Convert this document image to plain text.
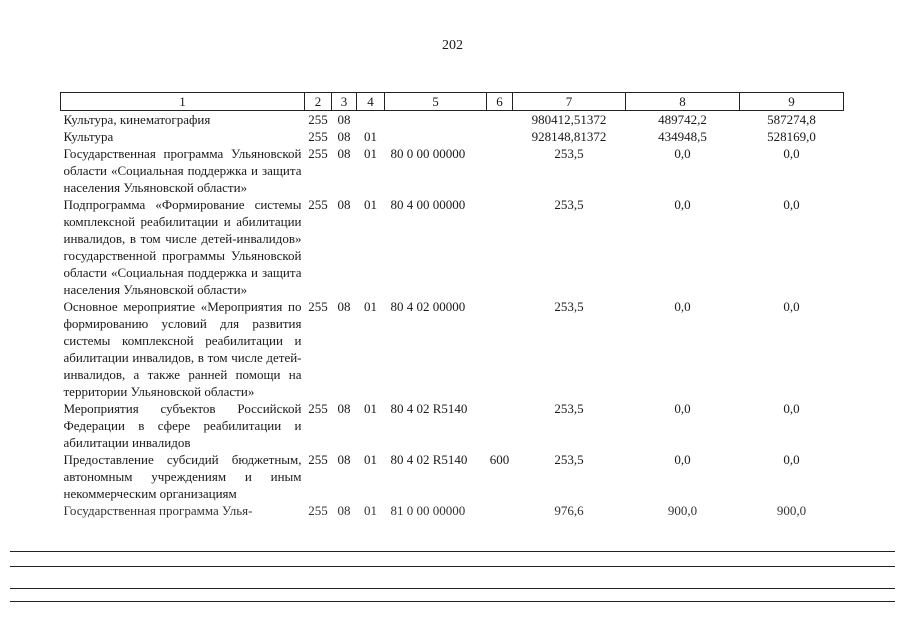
202
1	2	3	4	5	6	7	8	9
Культура, кинематография	255	08				980412,51372	489742,2	587274,8
Культура	255	08	01			928148,81372	434948,5	528169,0
Государственная программа Ульяновской области «Социальная поддержка и защита населения Ульяновской области»	255	08	01	80 0 00 00000		253,5	0,0	0,0
Подпрограмма «Формирование системы комплексной реабилитации и абилитации инвалидов, в том числе детей-инвалидов» государственной программы Ульяновской области «Социальная поддержка и защита населения Ульяновской области»	255	08	01	80 4 00 00000		253,5	0,0	0,0
Основное мероприятие «Мероприятия по формированию условий для развития системы комплексной реабилитации и абилитации инвалидов, в том числе детей-инвалидов, а также ранней помощи на территории Ульяновской области»	255	08	01	80 4 02 00000		253,5	0,0	0,0
Мероприятия субъектов Российской Федерации в сфере реабилитации и абилитации инвалидов	255	08	01	80 4 02 R5140		253,5	0,0	0,0
Предоставление субсидий бюджетным, автономным учреждениям и иным некоммерческим организациям	255	08	01	80 4 02 R5140	600	253,5	0,0	0,0
Государственная программа Улья-	255	08	01	81 0 00 00000		976,6	900,0	900,0
